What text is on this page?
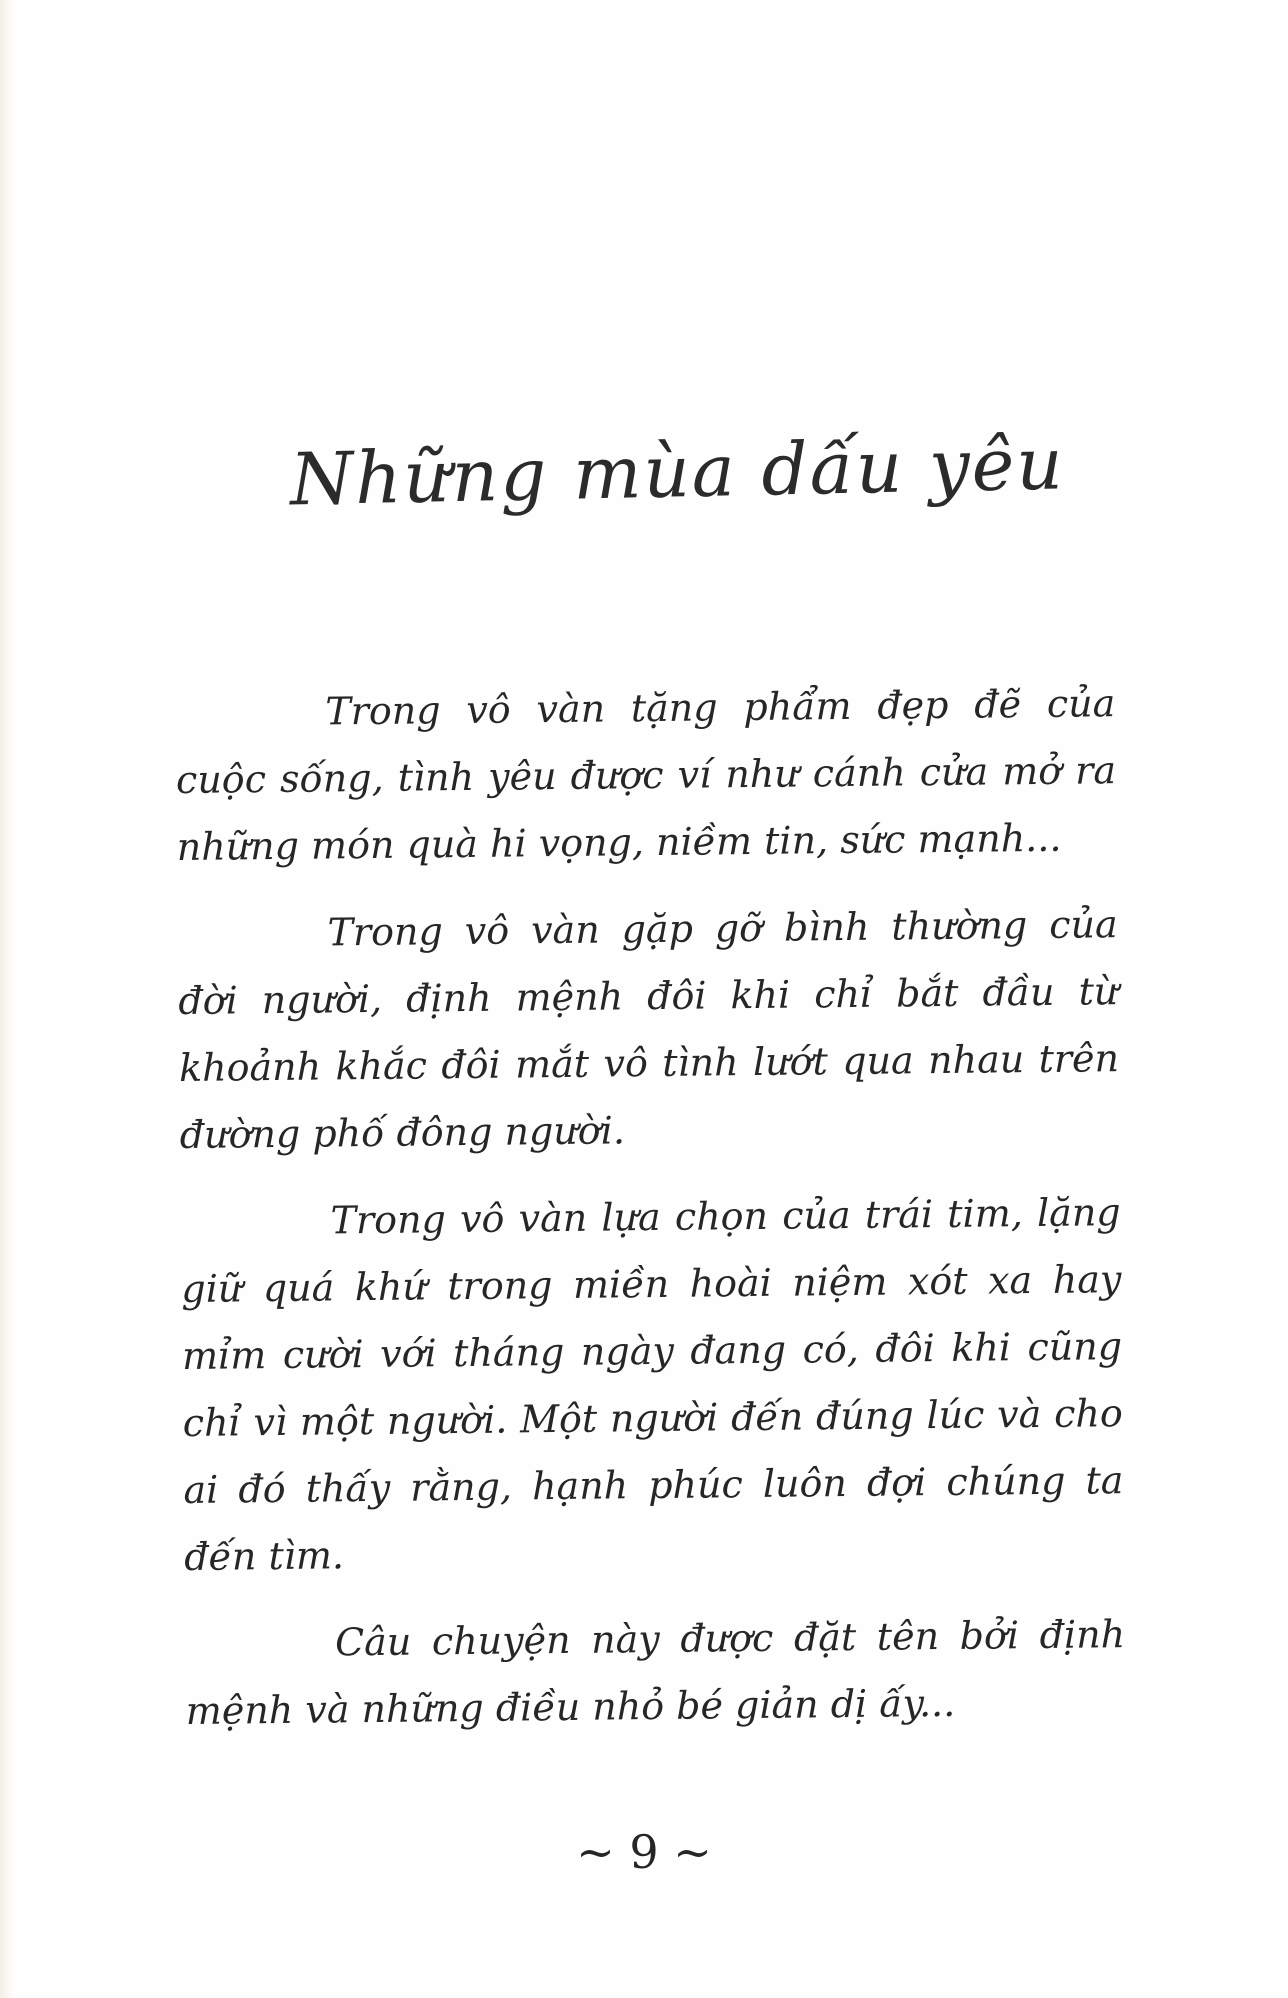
Những mùa dấu yêu

Trong vô vàn tặng phẩm đẹp đẽ của cuộc sống, tình yêu được ví như cánh cửa mở ra những món quà hi vọng, niềm tin, sức mạnh...

Trong vô vàn gặp gỡ bình thường của đời người, định mệnh đôi khi chỉ bắt đầu từ khoảnh khắc đôi mắt vô tình lướt qua nhau trên đường phố đông người.

Trong vô vàn lựa chọn của trái tim, lặng giữ quá khứ trong miền hoài niệm xót xa hay mỉm cười với tháng ngày đang có, đôi khi cũng chỉ vì một người. Một người đến đúng lúc và cho ai đó thấy rằng, hạnh phúc luôn đợi chúng ta đến tìm.

Câu chuyện này được đặt tên bởi định mệnh và những điều nhỏ bé giản dị ấy...

~ 9 ~
